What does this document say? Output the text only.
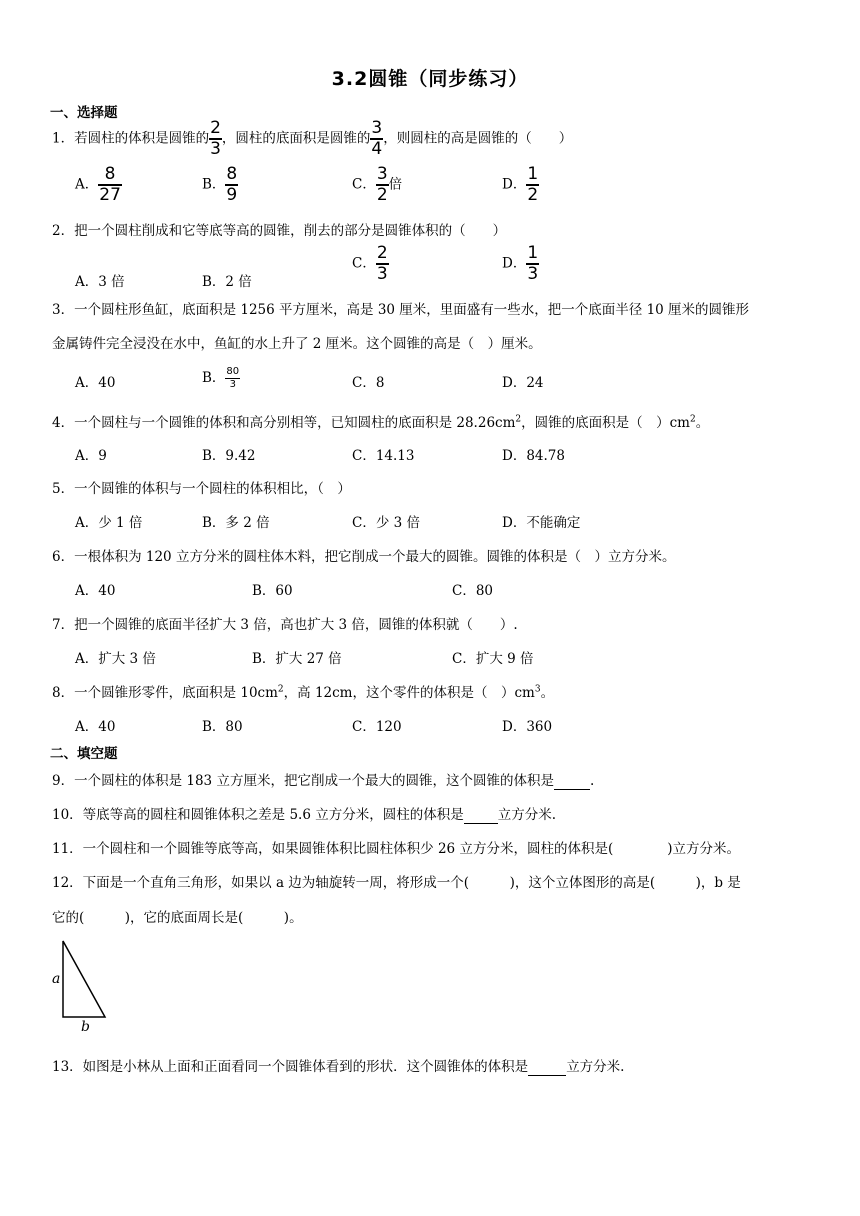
3.2圆锥（同步练习）
一、选择题
1．若圆柱的体积是圆锥的 $\frac{2}{3}$ ，圆柱的底面积是圆锥的 $\frac{3}{4}$ ，则圆柱的高是圆锥的（　　）
A． $\frac{8}{27}$	B． $\frac{8}{9}$	C． $\frac{3}{2}$ 倍	D． $\frac{1}{2}$
2．把一个圆柱削成和它等底等高的圆锥，削去的部分是圆锥体积的（　　）
A．3 倍	B．2 倍
C． $\frac{2}{3}$	D． $\frac{1}{3}$
3．一个圆柱形鱼缸，底面积是 1256 平方厘米，高是 30 厘米，里面盛有一些水，把一个底面半径 10 厘米的圆锥形
金属铸件完全浸没在水中，鱼缸的水上升了 2 厘米。这个圆锥的高是（　）厘米。
A．40	B． $\frac{80}{3}$	C．8	D．24
4．一个圆柱与一个圆锥的体积和高分别相等，已知圆柱的底面积是 $28.26cm^2$，圆锥的底面积是（　）$cm^2$。
A．9	B．9.42	C．14.13	D．84.78
5．一个圆锥的体积与一个圆柱的体积相比，（　）
A．少 1 倍	B．多 2 倍	C．少 3 倍	D．不能确定
6．一根体积为 120 立方分米的圆柱体木料，把它削成一个最大的圆锥。圆锥的体积是（　）立方分米。
A．40	B．60	C．80
7．把一个圆锥的底面半径扩大 3 倍，高也扩大 3 倍，圆锥的体积就（　　）.
A．扩大 3 倍	B．扩大 27 倍	C．扩大 9 倍
8．一个圆锥形零件，底面积是 $10cm^2$，高 12cm，这个零件的体积是（　）$cm^3$。
A．40	B．80	C．120	D．360
二、填空题
9．一个圆柱的体积是 183 立方厘米，把它削成一个最大的圆锥，这个圆锥的体积是	.
10．等底等高的圆柱和圆锥体积之差是 5.6 立方分米，圆柱的体积是	立方分米.
11．一个圆柱和一个圆锥等底等高，如果圆锥体积比圆柱体积少 26 立方分米，圆柱的体积是(　　　　)立方分米。
12．下面是一个直角三角形，如果以 a 边为轴旋转一周，将形成一个(　　　)，这个立体图形的高是(　　　)，b 是
它的(　　　)，它的底面周长是(　　　)。
a
b
13．如图是小林从上面和正面看同一个圆锥体看到的形状．这个圆锥体的体积是	立方分米.
